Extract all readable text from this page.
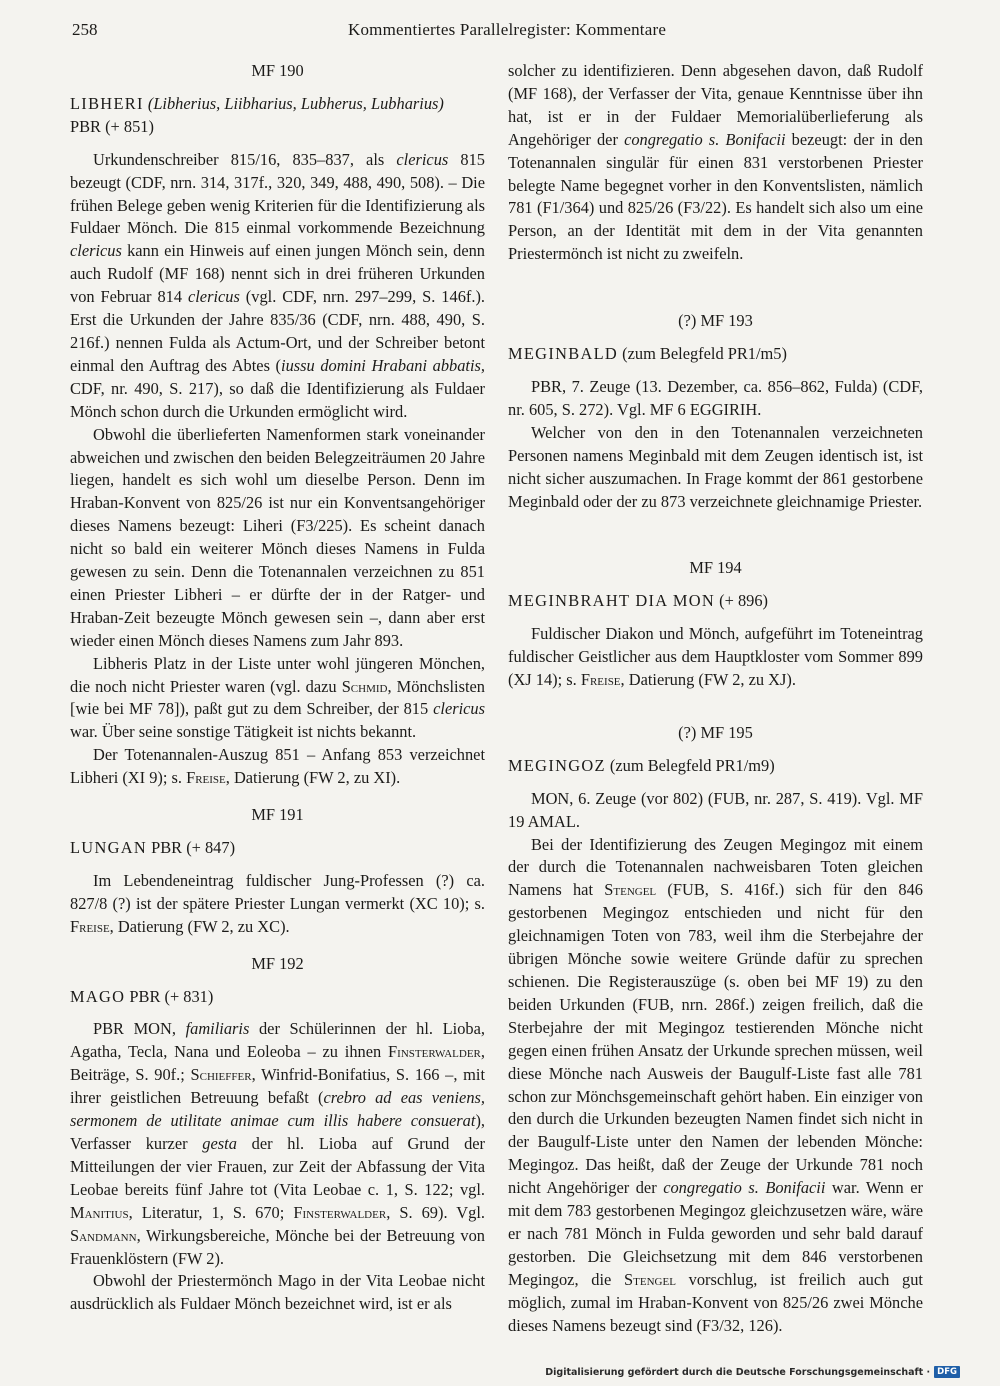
258	Kommentiertes Parallelregister: Kommentare
MF 190
LIBHERI (Libherius, Liibharius, Lubherus, Lubharius)
PBR (+ 851)

Urkundenschreiber 815/16, 835–837, als clericus 815 bezeugt (CDF, nrn. 314, 317f., 320, 349, 488, 490, 508). – Die frühen Belege geben wenig Kriterien für die Identifizierung als Fuldaer Mönch. Die 815 einmal vorkommende Bezeichnung clericus kann ein Hinweis auf einen jungen Mönch sein, denn auch Rudolf (MF 168) nennt sich in drei früheren Urkunden von Februar 814 clericus (vgl. CDF, nrn. 297–299, S. 146f.). Erst die Urkunden der Jahre 835/36 (CDF, nrn. 488, 490, S. 216f.) nennen Fulda als Actum-Ort, und der Schreiber betont einmal den Auftrag des Abtes (iussu domini Hrabani abbatis, CDF, nr. 490, S. 217), so daß die Identifizierung als Fuldaer Mönch schon durch die Urkunden ermöglicht wird.

Obwohl die überlieferten Namenformen stark voneinander abweichen und zwischen den beiden Belegzeiträumen 20 Jahre liegen, handelt es sich wohl um dieselbe Person. Denn im Hraban-Konvent von 825/26 ist nur ein Konventsangehöriger dieses Namens bezeugt: Liheri (F3/225). Es scheint danach nicht so bald ein weiterer Mönch dieses Namens in Fulda gewesen zu sein. Denn die Totenannalen verzeichnen zu 851 einen Priester Libheri – er dürfte der in der Ratger- und Hraban-Zeit bezeugte Mönch gewesen sein –, dann aber erst wieder einen Mönch dieses Namens zum Jahr 893.

Libheris Platz in der Liste unter wohl jüngeren Mönchen, die noch nicht Priester waren (vgl. dazu Schmid, Mönchslisten [wie bei MF 78]), paßt gut zu dem Schreiber, der 815 clericus war. Über seine sonstige Tätigkeit ist nichts bekannt.

Der Totenannalen-Auszug 851 – Anfang 853 verzeichnet Libheri (XI 9); s. Freise, Datierung (FW 2, zu XI).

MF 191
LUNGAN PBR (+ 847)

Im Lebendeneintrag fuldischer Jung-Professen (?) ca. 827/8 (?) ist der spätere Priester Lungan vermerkt (XC 10); s. Freise, Datierung (FW 2, zu XC).

MF 192
MAGO PBR (+ 831)

PBR MON, familiaris der Schülerinnen der hl. Lioba, Agatha, Tecla, Nana und Eoleoba – zu ihnen Finsterwalder, Beiträge, S. 90f.; Schieffer, Winfrid-Bonifatius, S. 166 –, mit ihrer geistlichen Betreuung befaßt (crebro ad eas veniens, sermonem de utilitate animae cum illis habere consuerat), Verfasser kurzer gesta der hl. Lioba auf Grund der Mitteilungen der vier Frauen, zur Zeit der Abfassung der Vita Leobae bereits fünf Jahre tot (Vita Leobae c. 1, S. 122; vgl. Manitius, Literatur, 1, S. 670; Finsterwalder, S. 69). Vgl. Sandmann, Wirkungsbereiche, Mönche bei der Betreuung von Frauenklöstern (FW 2).

Obwohl der Priestermönch Mago in der Vita Leobae nicht ausdrücklich als Fuldaer Mönch bezeichnet wird, ist er als

solcher zu identifizieren. Denn abgesehen davon, daß Rudolf (MF 168), der Verfasser der Vita, genaue Kenntnisse über ihn hat, ist er in der Fuldaer Memorialüberlieferung als Angehöriger der congregatio s. Bonifacii bezeugt: der in den Totenannalen singulär für einen 831 verstorbenen Priester belegte Name begegnet vorher in den Konventslisten, nämlich 781 (F1/364) und 825/26 (F3/22). Es handelt sich also um eine Person, an der Identität mit dem in der Vita genannten Priestermönch ist nicht zu zweifeln.

(?) MF 193
MEGINBALD (zum Belegfeld PR1/m5)

PBR, 7. Zeuge (13. Dezember, ca. 856–862, Fulda) (CDF, nr. 605, S. 272). Vgl. MF 6 EGGIRIH.

Welcher von den in den Totenannalen verzeichneten Personen namens Meginbald mit dem Zeugen identisch ist, ist nicht sicher auszumachen. In Frage kommt der 861 gestorbene Meginbald oder der zu 873 verzeichnete gleichnamige Priester.

MF 194
MEGINBRAHT DIA MON (+ 896)

Fuldischer Diakon und Mönch, aufgeführt im Toteneintrag fuldischer Geistlicher aus dem Hauptkloster vom Sommer 899 (XJ 14); s. Freise, Datierung (FW 2, zu XJ).

(?) MF 195
MEGINGOZ (zum Belegfeld PR1/m9)

MON, 6. Zeuge (vor 802) (FUB, nr. 287, S. 419). Vgl. MF 19 AMAL.

Bei der Identifizierung des Zeugen Megingoz mit einem der durch die Totenannalen nachweisbaren Toten gleichen Namens hat Stengel (FUB, S. 416f.) sich für den 846 gestorbenen Megingoz entschieden und nicht für den gleichnamigen Toten von 783, weil ihm die Sterbejahre der übrigen Mönche sowie weitere Gründe dafür zu sprechen schienen. Die Registerauszüge (s. oben bei MF 19) zu den beiden Urkunden (FUB, nrn. 286f.) zeigen freilich, daß die Sterbejahre der mit Megingoz testierenden Mönche nicht gegen einen frühen Ansatz der Urkunde sprechen müssen, weil diese Mönche nach Ausweis der Baugulf-Liste fast alle 781 schon zur Mönchsgemeinschaft gehört haben. Ein einziger von den durch die Urkunden bezeugten Namen findet sich nicht in der Baugulf-Liste unter den Namen der lebenden Mönche: Megingoz. Das heißt, daß der Zeuge der Urkunde 781 noch nicht Angehöriger der congregatio s. Bonifacii war. Wenn er mit dem 783 gestorbenen Megingoz gleichzusetzen wäre, wäre er nach 781 Mönch in Fulda geworden und sehr bald darauf gestorben. Die Gleichsetzung mit dem 846 verstorbenen Megingoz, die Stengel vorschlug, ist freilich auch gut möglich, zumal im Hraban-Konvent von 825/26 zwei Mönche dieses Namens bezeugt sind (F3/32, 126).

Digitalisierung gefördert durch die Deutsche Forschungsgemeinschaft · DFG
